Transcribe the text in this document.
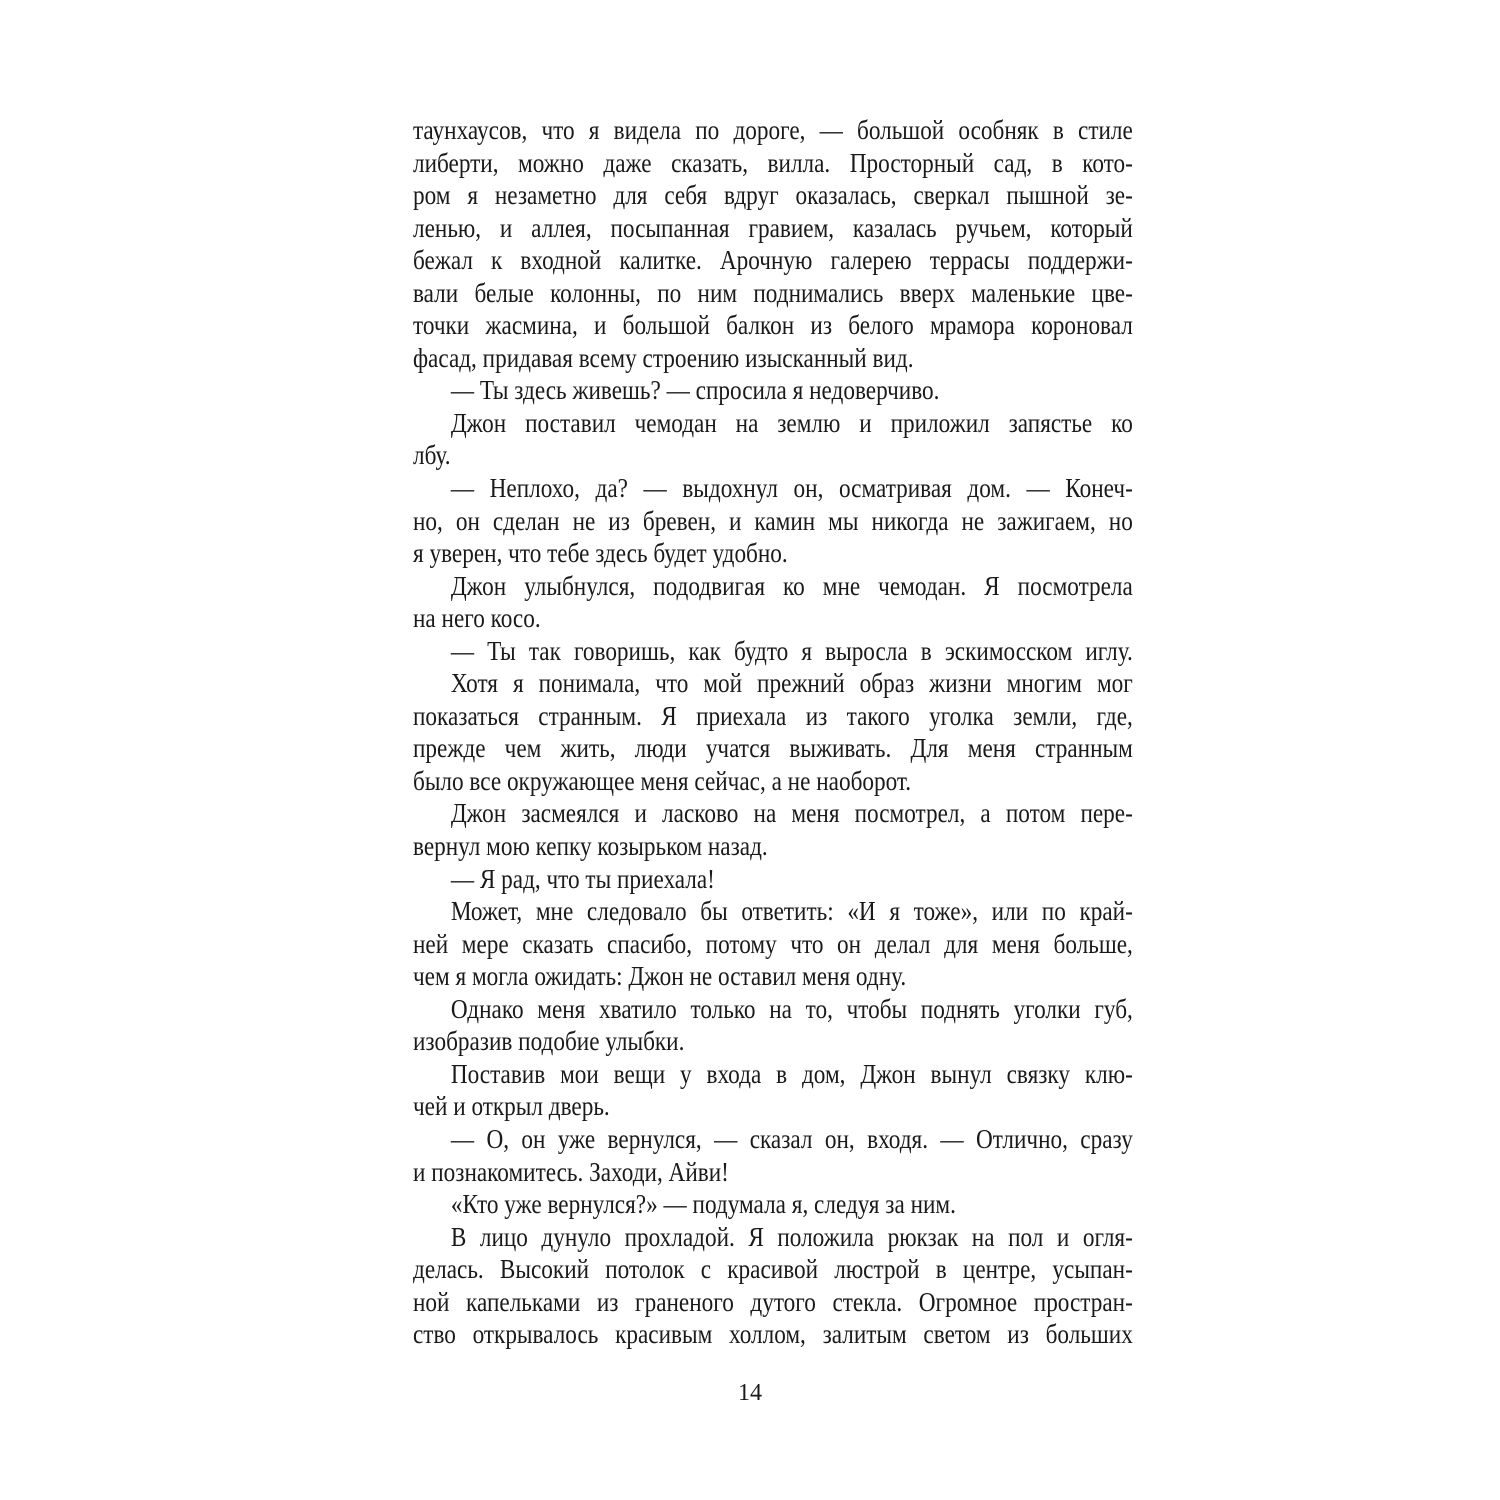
таунхаусов, что я видела по дороге, — большой особняк в стиле
либерти, можно даже сказать, вилла. Просторный сад, в кото-
ром я незаметно для себя вдруг оказалась, сверкал пышной зе-
ленью, и аллея, посыпанная гравием, казалась ручьем, который
бежал к входной калитке. Арочную галерею террасы поддержи-
вали белые колонны, по ним поднимались вверх маленькие цве-
точки жасмина, и большой балкон из белого мрамора короновал
фасад, придавая всему строению изысканный вид.
— Ты здесь живешь? — спросила я недоверчиво.
Джон поставил чемодан на землю и приложил запястье ко
лбу.
— Неплохо, да? — выдохнул он, осматривая дом. — Конеч-
но, он сделан не из бревен, и камин мы никогда не зажигаем, но
я уверен, что тебе здесь будет удобно.
Джон улыбнулся, пододвигая ко мне чемодан. Я посмотрела
на него косо.
— Ты так говоришь, как будто я выросла в эскимосском иглу.
Хотя я понимала, что мой прежний образ жизни многим мог
показаться странным. Я приехала из такого уголка земли, где,
прежде чем жить, люди учатся выживать. Для меня странным
было все окружающее меня сейчас, а не наоборот.
Джон засмеялся и ласково на меня посмотрел, а потом пере-
вернул мою кепку козырьком назад.
— Я рад, что ты приехала!
Может, мне следовало бы ответить: «И я тоже», или по край-
ней мере сказать спасибо, потому что он делал для меня больше,
чем я могла ожидать: Джон не оставил меня одну.
Однако меня хватило только на то, чтобы поднять уголки губ,
изобразив подобие улыбки.
Поставив мои вещи у входа в дом, Джон вынул связку клю-
чей и открыл дверь.
— О, он уже вернулся, — сказал он, входя. — Отлично, сразу
и познакомитесь. Заходи, Айви!
«Кто уже вернулся?» — подумала я, следуя за ним.
В лицо дунуло прохладой. Я положила рюкзак на пол и огля-
делась. Высокий потолок с красивой люстрой в центре, усыпан-
ной капельками из граненого дутого стекла. Огромное простран-
ство открывалось красивым холлом, залитым светом из больших
14
